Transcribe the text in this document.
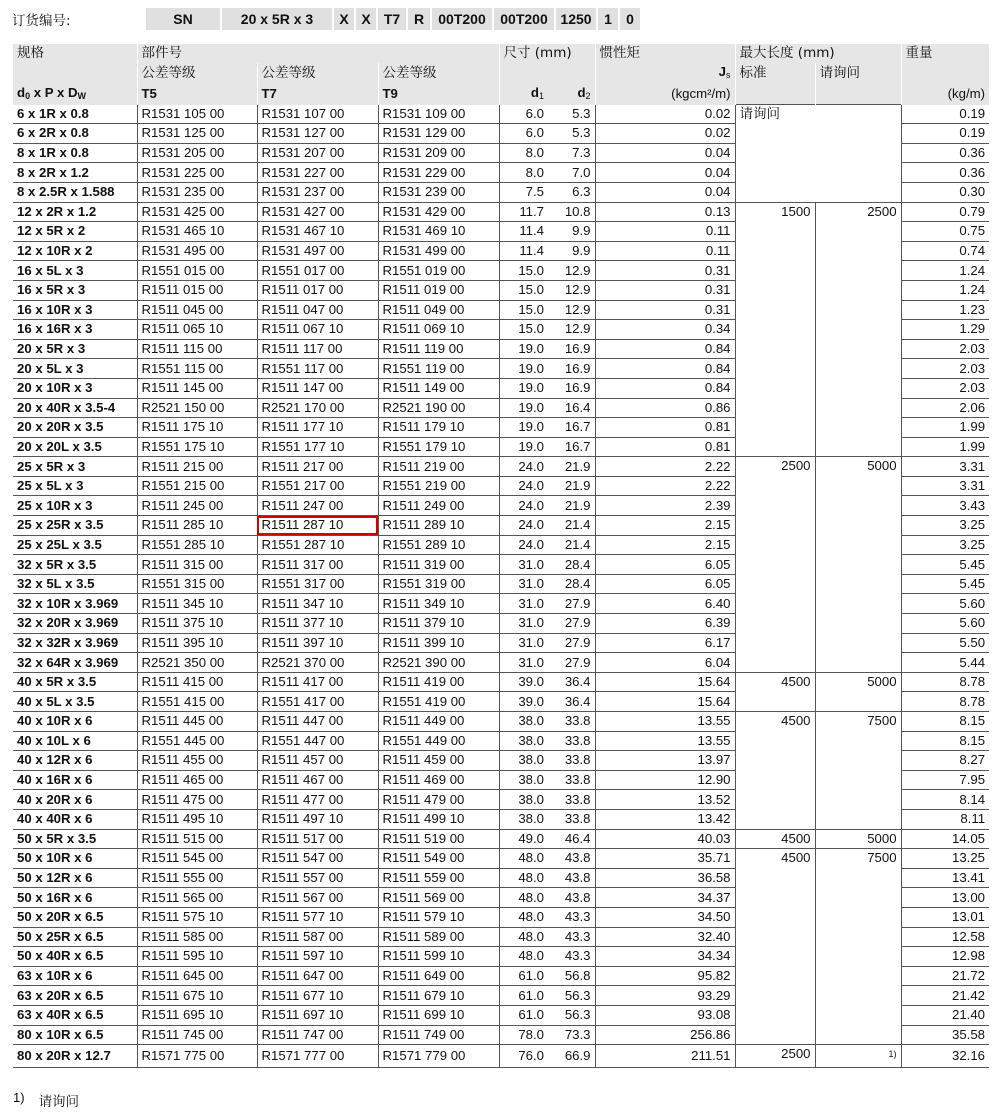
订货编号:	SN	20 x 5R x 3	X X T7 R	00T200	00T200 1250 1	0
规格	部件号			尺寸 (mm)		惯性矩	最大长度 (mm)		重量
	公差等级	公差等级	公差等级			$J_s$	标准	请询问	
$d_0$ x P x $D_W$	T5	T7	T9	$d_1$	$d_2$	(kgcm²/m)			(kg/m)
6 x 1R x 0.8	R1531 105 00	R1531 107 00	R1531 109 00	6.0	5.3	0.02	请询问		0.19
6 x 2R x 0.8	R1531 125 00	R1531 127 00	R1531 129 00	6.0	5.3	0.02			0.19
8 x 1R x 0.8	R1531 205 00	R1531 207 00	R1531 209 00	8.0	7.3	0.04			0.36
8 x 2R x 1.2	R1531 225 00	R1531 227 00	R1531 229 00	8.0	7.0	0.04			0.36
8 x 2.5R x 1.588	R1531 235 00	R1531 237 00	R1531 239 00	7.5	6.3	0.04			0.30
12 x 2R x 1.2	R1531 425 00	R1531 427 00	R1531 429 00	11.7	10.8	0.13	1500	2500	0.79
12 x 5R x 2	R1531 465 10	R1531 467 10	R1531 469 10	11.4	9.9	0.11			0.75
12 x 10R x 2	R1531 495 00	R1531 497 00	R1531 499 00	11.4	9.9	0.11			0.74
16 x 5L x 3	R1551 015 00	R1551 017 00	R1551 019 00	15.0	12.9	0.31			1.24
16 x 5R x 3	R1511 015 00	R1511 017 00	R1511 019 00	15.0	12.9	0.31			1.24
16 x 10R x 3	R1511 045 00	R1511 047 00	R1511 049 00	15.0	12.9	0.31			1.23
16 x 16R x 3	R1511 065 10	R1511 067 10	R1511 069 10	15.0	12.9	0.34			1.29
20 x 5R x 3	R1511 115 00	R1511 117 00	R1511 119 00	19.0	16.9	0.84			2.03
20 x 5L x 3	R1551 115 00	R1551 117 00	R1551 119 00	19.0	16.9	0.84			2.03
20 x 10R x 3	R1511 145 00	R1511 147 00	R1511 149 00	19.0	16.9	0.84			2.03
20 x 40R x 3.5-4	R2521 150 00	R2521 170 00	R2521 190 00	19.0	16.4	0.86			2.06
20 x 20R x 3.5	R1511 175 10	R1511 177 10	R1511 179 10	19.0	16.7	0.81			1.99
20 x 20L x 3.5	R1551 175 10	R1551 177 10	R1551 179 10	19.0	16.7	0.81			1.99
25 x 5R x 3	R1511 215 00	R1511 217 00	R1511 219 00	24.0	21.9	2.22	2500	5000	3.31
25 x 5L x 3	R1551 215 00	R1551 217 00	R1551 219 00	24.0	21.9	2.22			3.31
25 x 10R x 3	R1511 245 00	R1511 247 00	R1511 249 00	24.0	21.9	2.39			3.43
25 x 25R x 3.5	R1511 285 10	R1511 287 10	R1511 289 10	24.0	21.4	2.15			3.25
25 x 25L x 3.5	R1551 285 10	R1551 287 10	R1551 289 10	24.0	21.4	2.15			3.25
32 x 5R x 3.5	R1511 315 00	R1511 317 00	R1511 319 00	31.0	28.4	6.05			5.45
32 x 5L x 3.5	R1551 315 00	R1551 317 00	R1551 319 00	31.0	28.4	6.05			5.45
32 x 10R x 3.969	R1511 345 10	R1511 347 10	R1511 349 10	31.0	27.9	6.40			5.60
32 x 20R x 3.969	R1511 375 10	R1511 377 10	R1511 379 10	31.0	27.9	6.39			5.60
32 x 32R x 3.969	R1511 395 10	R1511 397 10	R1511 399 10	31.0	27.9	6.17			5.50
32 x 64R x 3.969	R2521 350 00	R2521 370 00	R2521 390 00	31.0	27.9	6.04			5.44
40 x 5R x 3.5	R1511 415 00	R1511 417 00	R1511 419 00	39.0	36.4	15.64	4500	5000	8.78
40 x 5L x 3.5	R1551 415 00	R1551 417 00	R1551 419 00	39.0	36.4	15.64			8.78
40 x 10R x 6	R1511 445 00	R1511 447 00	R1511 449 00	38.0	33.8	13.55	4500	7500	8.15
40 x 10L x 6	R1551 445 00	R1551 447 00	R1551 449 00	38.0	33.8	13.55			8.15
40 x 12R x 6	R1511 455 00	R1511 457 00	R1511 459 00	38.0	33.8	13.97			8.27
40 x 16R x 6	R1511 465 00	R1511 467 00	R1511 469 00	38.0	33.8	12.90			7.95
40 x 20R x 6	R1511 475 00	R1511 477 00	R1511 479 00	38.0	33.8	13.52			8.14
40 x 40R x 6	R1511 495 10	R1511 497 10	R1511 499 10	38.0	33.8	13.42			8.11
50 x 5R x 3.5	R1511 515 00	R1511 517 00	R1511 519 00	49.0	46.4	40.03	4500	5000	14.05
50 x 10R x 6	R1511 545 00	R1511 547 00	R1511 549 00	48.0	43.8	35.71	4500	7500	13.25
50 x 12R x 6	R1511 555 00	R1511 557 00	R1511 559 00	48.0	43.8	36.58			13.41
50 x 16R x 6	R1511 565 00	R1511 567 00	R1511 569 00	48.0	43.8	34.37			13.00
50 x 20R x 6.5	R1511 575 10	R1511 577 10	R1511 579 10	48.0	43.3	34.50			13.01
50 x 25R x 6.5	R1511 585 00	R1511 587 00	R1511 589 00	48.0	43.3	32.40			12.58
50 x 40R x 6.5	R1511 595 10	R1511 597 10	R1511 599 10	48.0	43.3	34.34			12.98
63 x 10R x 6	R1511 645 00	R1511 647 00	R1511 649 00	61.0	56.8	95.82			21.72
63 x 20R x 6.5	R1511 675 10	R1511 677 10	R1511 679 10	61.0	56.3	93.29			21.42
63 x 40R x 6.5	R1511 695 10	R1511 697 10	R1511 699 10	61.0	56.3	93.08			21.40
80 x 10R x 6.5	R1511 745 00	R1511 747 00	R1511 749 00	78.0	73.3	256.86			35.58
80 x 20R x 12.7	R1571 775 00	R1571 777 00	R1571 779 00	76.0	66.9	211.51	2500	$^{1)}$	32.16
1) 请询问
